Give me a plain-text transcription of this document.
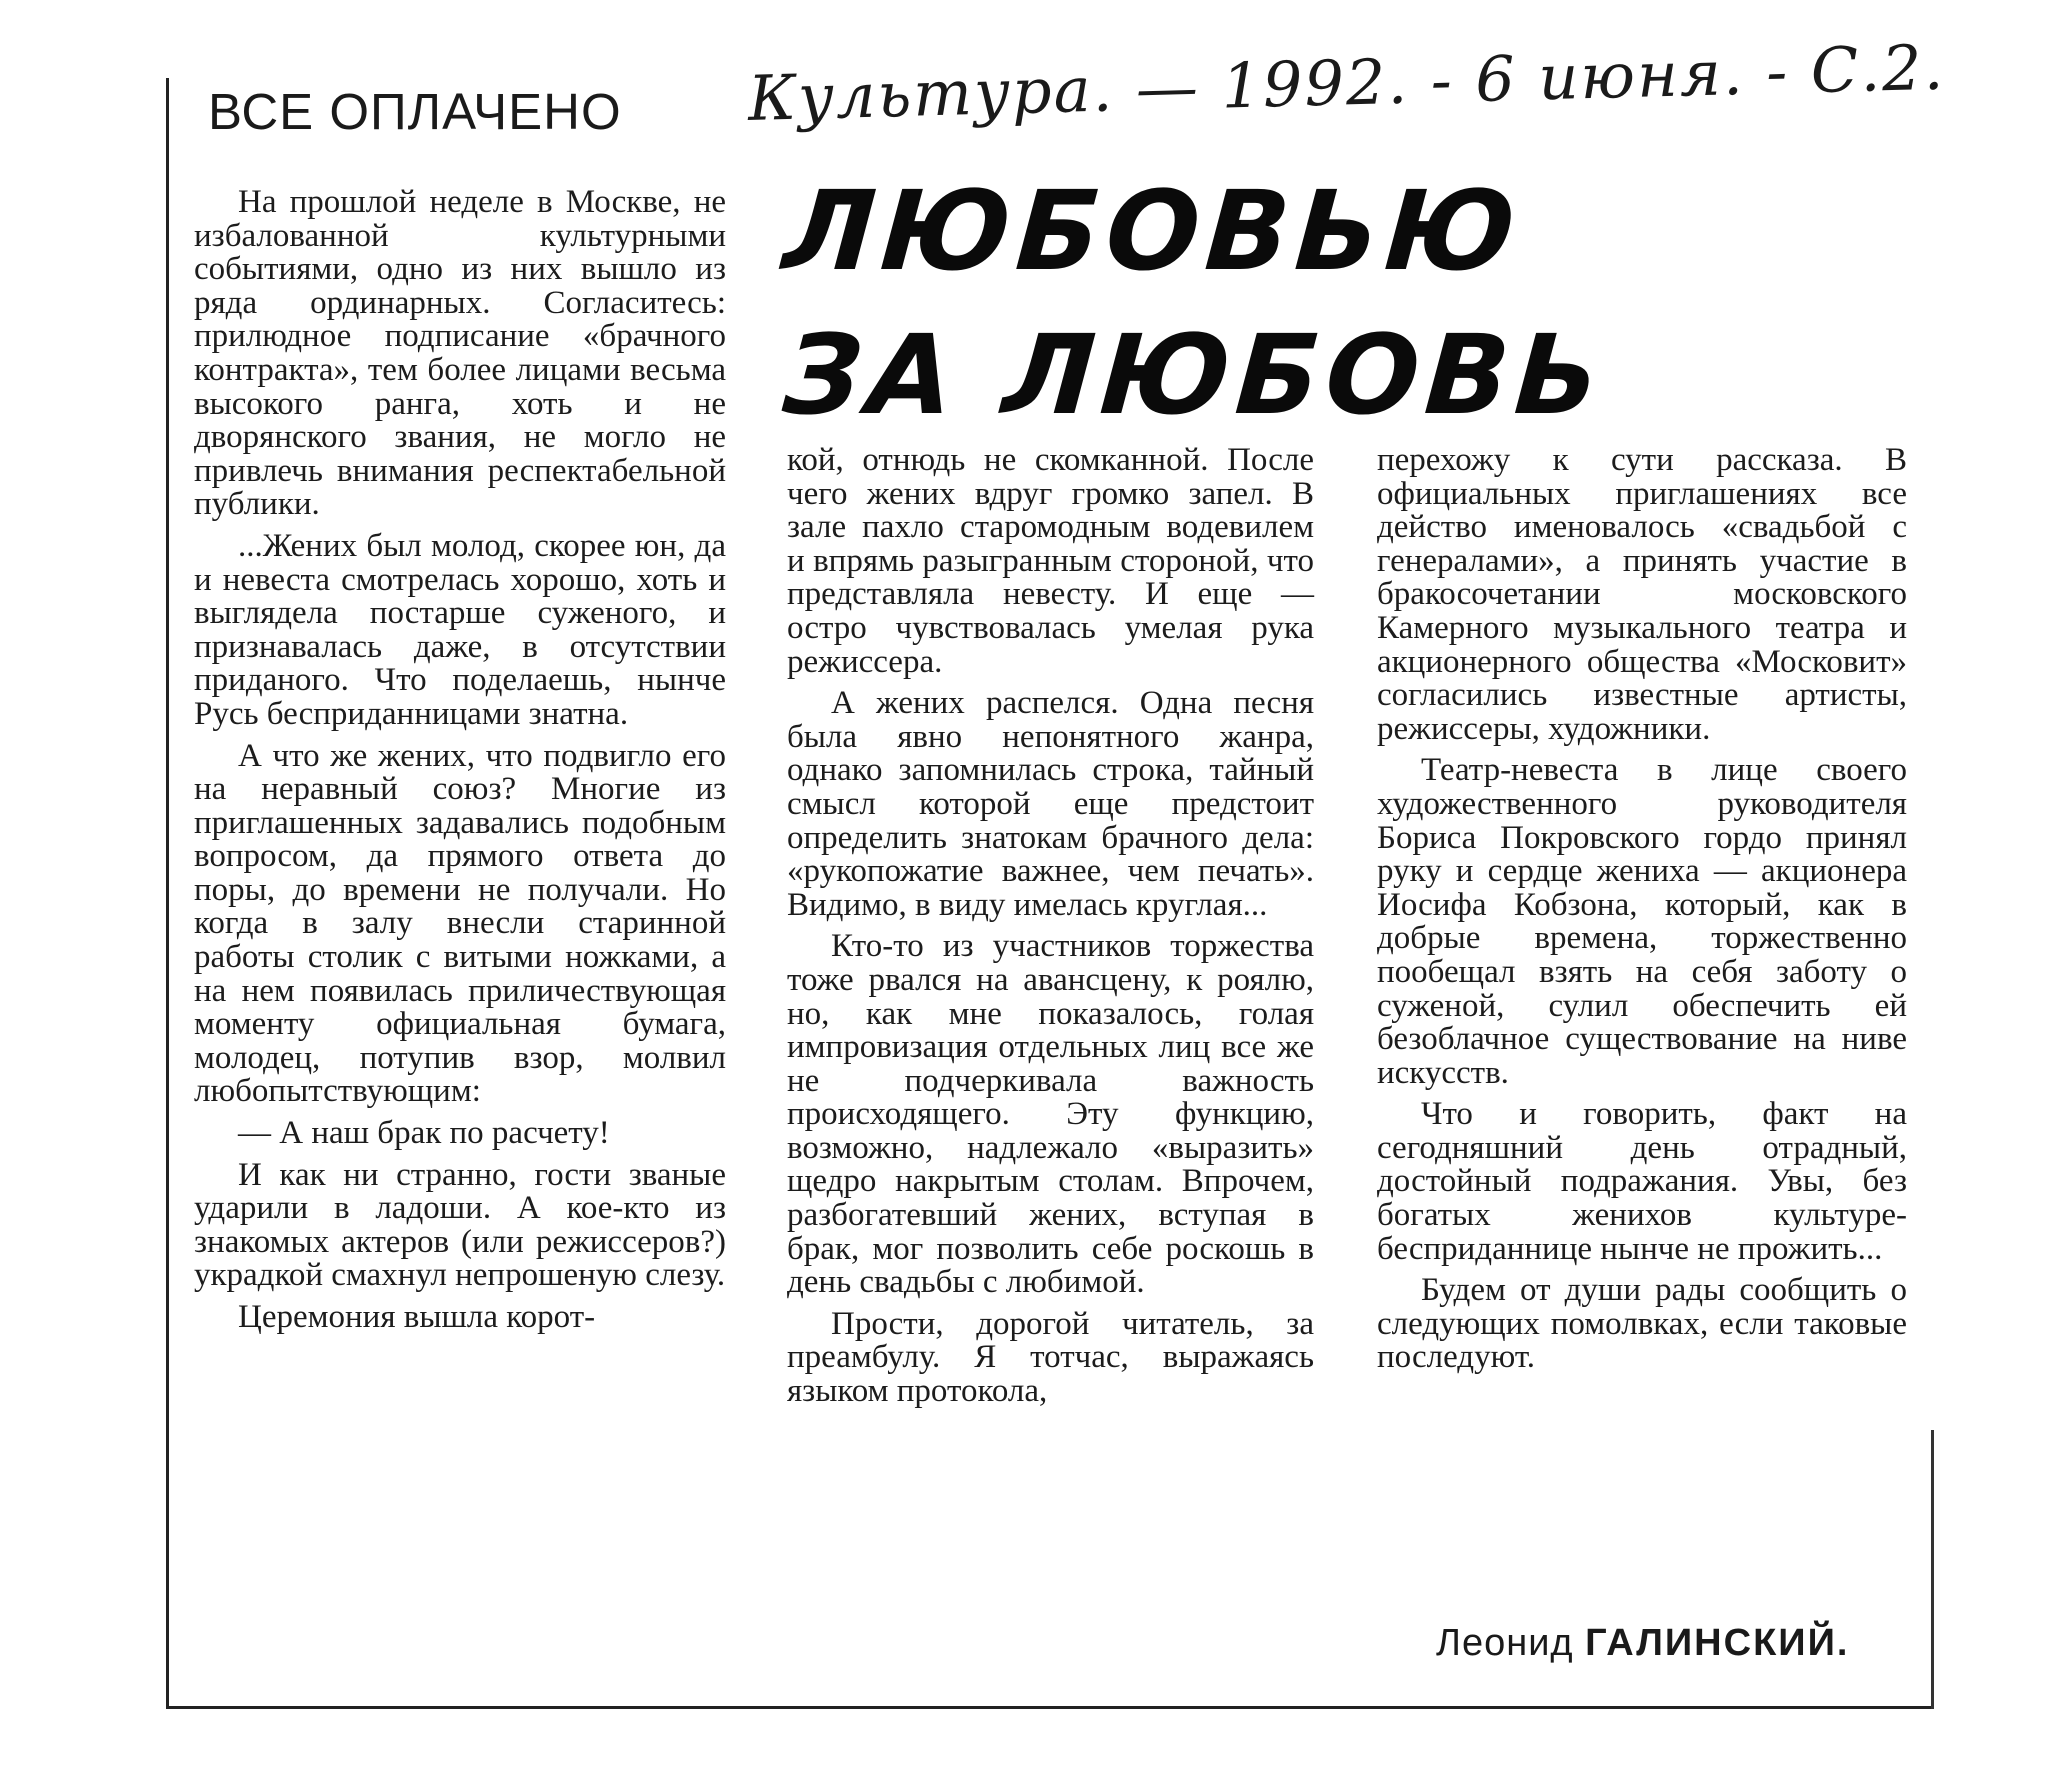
ВСЕ ОПЛАЧЕНО Культура. — 1992. - 6 июня. - С.2.
ЛЮБОВЬЮ
ЗА ЛЮБОВЬ

На прошлой неделе в Москве, не избалованной культурными событиями, одно из них вышло из ряда ординарных. Согласитесь: прилюдное подписание «брачного контракта», тем более лицами весьма высокого ранга, хоть и не дворянского звания, не могло не привлечь внимания респектабельной публики.

...Жених был молод, скорее юн, да и невеста смотрелась хорошо, хоть и выглядела постарше суженого, и признавалась даже, в отсутствии приданого. Что поделаешь, нынче Русь бесприданницами знатна.

А что же жених, что подвигло его на неравный союз? Многие из приглашенных задавались подобным вопросом, да прямого ответа до поры, до времени не получали. Но когда в залу внесли старинной работы столик с витыми ножками, а на нем появилась приличествующая моменту официальная бумага, молодец, потупив взор, молвил любопытствующим:

— А наш брак по расчету!

И как ни странно, гости званые ударили в ладоши. А кое-кто из знакомых актеров (или режиссеров?) украдкой смахнул непрошеную слезу.

Церемония вышла корот-

кой, отнюдь не скомканной. После чего жених вдруг громко запел. В зале пахло старомодным водевилем и впрямь разыгранным стороной, что представляла невесту. И еще — остро чувствовалась умелая рука режиссера.

А жених распелся. Одна песня была явно непонятного жанра, однако запомнилась строка, тайный смысл которой еще предстоит определить знатокам брачного дела: «рукопожатие важнее, чем печать». Видимо, в виду имелась круглая...

Кто-то из участников торжества тоже рвался на авансцену, к роялю, но, как мне показалось, голая импровизация отдельных лиц все же не подчеркивала важность происходящего. Эту функцию, возможно, надлежало «выразить» щедро накрытым столам. Впрочем, разбогатевший жених, вступая в брак, мог позволить себе роскошь в день свадьбы с любимой.

Прости, дорогой читатель, за преамбулу. Я тотчас, выражаясь языком протокола,

перехожу к сути рассказа. В официальных приглашениях все действо именовалось «свадьбой с генералами», а принять участие в бракосочетании московского Камерного музыкального театра и акционерного общества «Московит» согласились известные артисты, режиссеры, художники.

Театр-невеста в лице своего художественного руководителя Бориса Покровского гордо принял руку и сердце жениха — акционера Иосифа Кобзона, который, как в добрые времена, торжественно пообещал взять на себя заботу о суженой, сулил обеспечить ей безоблачное существование на ниве искусств.

Что и говорить, факт на сегодняшний день отрадный, достойный подражания. Увы, без богатых женихов культуре-бесприданнице нынче не прожить...

Будем от души рады сообщить о следующих помолвках, если таковые последуют.

Леонид ГАЛИНСКИЙ.
